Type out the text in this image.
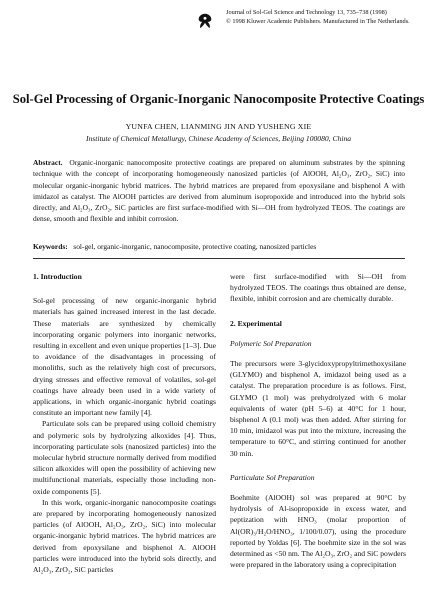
Journal of Sol-Gel Science and Technology 13, 735–738 (1998)
© 1998 Kluwer Academic Publishers. Manufactured in The Netherlands.
Sol-Gel Processing of Organic-Inorganic Nanocomposite Protective Coatings
YUNFA CHEN, LIANMING JIN AND YUSHENG XIE
Institute of Chemical Metallurgy, Chinese Academy of Sciences, Beijing 100080, China
Abstract. Organic-inorganic nanocomposite protective coatings are prepared on aluminum substrates by the spinning technique with the concept of incorporating homogeneously nanosized particles (of AlOOH, Al₂O₃, ZrO₂, SiC) into molecular organic-inorganic hybrid matrices. The hybrid matrices are prepared from epoxysilane and bisphenol A with imidazol as catalyst. The AlOOH particles are derived from aluminum isopropoxide and introduced into the hybrid sols directly, and Al₂O₃, ZrO₂, SiC particles are first surface-modified with Si—OH from hydrolyzed TEOS. The coatings are dense, smooth and flexible and inhibit corrosion.
Keywords: sol-gel, organic-inorganic, nanocomposite, protective coating, nanosized particles

1. Introduction

Sol-gel processing of new organic-inorganic hybrid materials has gained increased interest in the last decade. These materials are synthesized by chemically incorporating organic polymers into inorganic networks, resulting in excellent and even unique properties [1–3]. Due to avoidance of the disadvantages in processing of monoliths, such as the relatively high cost of precursors, drying stresses and effective removal of volatiles, sol-gel coatings have already been used in a wide variety of applications, in which organic-inorganic hybrid coatings constitute an important new family [4].

Particulate sols can be prepared using colloid chemistry and polymeric sols by hydrolyzing alkoxides [4]. Thus, incorporating particulate sols (nanosized particles) into the molecular hybrid structure normally derived from modified silicon alkoxides will open the possibility of achieving new multifunctional materials, especially those including non-oxide components [5].

In this work, organic-inorganic nanocomposite coatings are prepared by incorporating homogeneously nanosized particles (of AlOOH, Al₂O₃, ZrO₂, SiC) into molecular organic-inorganic hybrid matrices. The hybrid matrices are derived from epoxysilane and bisphenol A. AlOOH particles were introduced into the hybrid sols directly, and Al₂O₃, ZrO₂, SiC particles

were first surface-modified with Si—OH from hydrolyzed TEOS. The coatings thus obtained are dense, flexible, inhibit corrosion and are chemically durable.

2. Experimental

Polymeric Sol Preparation

The precursors were 3-glycidoxypropyltrimethoxysilane (GLYMO) and bisphenol A, imidazol being used as a catalyst. The preparation procedure is as follows. First, GLYMO (1 mol) was prehydrolyzed with 6 molar equivalents of water (pH 5–6) at 40°C for 1 hour, bisphenol A (0.1 mol) was then added. After stirring for 10 min, imidazol was put into the mixture, increasing the temperature to 60°C, and stirring continued for another 30 min.

Particulate Sol Preparation

Boehmite (AlOOH) sol was prepared at 90°C by hydrolysis of Al-isopropoxide in excess water, and peptization with HNO₃ (molar proportion of Al(OR)₃/H₂O/HNO₃, 1/100/0.07), using the procedure reported by Yoldas [6]. The boehmite size in the sol was determined as <50 nm. The Al₂O₃, ZrO₂ and SiC powders were prepared in the laboratory using a coprecipitation
